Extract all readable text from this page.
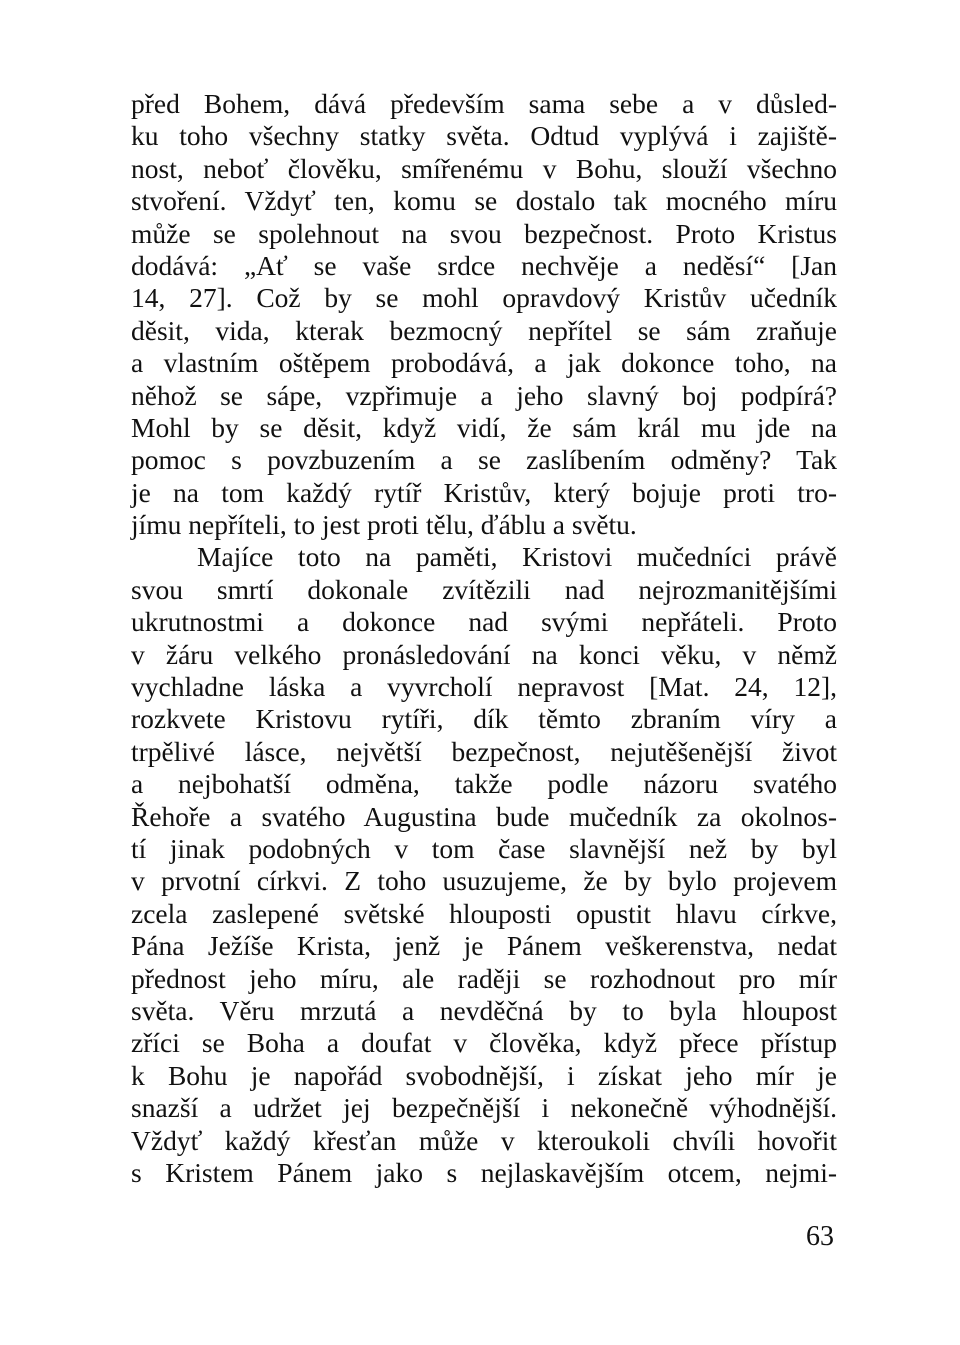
před Bohem, dává především sama sebe a v důsled-
ku toho všechny statky světa. Odtud vyplývá i zajiště-
nost, neboť člověku, smířenému v Bohu, slouží všechno
stvoření. Vždyť ten, komu se dostalo tak mocného míru
může se spolehnout na svou bezpečnost. Proto Kristus
dodává: „Ať se vaše srdce nechvěje a neděsí“ [Jan
14, 27]. Což by se mohl opravdový Kristův učedník
děsit, vida, kterak bezmocný nepřítel se sám zraňuje
a vlastním oštěpem probodává, a jak dokonce toho, na
něhož se sápe, vzpřimuje a jeho slavný boj podpírá?
Mohl by se děsit, když vidí, že sám král mu jde na
pomoc s povzbuzením a se zaslíbením odměny? Tak
je na tom každý rytíř Kristův, který bojuje proti tro-
jímu nepříteli, to jest proti tělu, ďáblu a světu.
Majíce toto na paměti, Kristovi mučedníci právě
svou smrtí dokonale zvítězili nad nejrozmanitějšími
ukrutnostmi a dokonce nad svými nepřáteli. Proto
v žáru velkého pronásledování na konci věku, v němž
vychladne láska a vyvrcholí nepravost [Mat. 24, 12],
rozkvete Kristovu rytíři, dík těmto zbraním víry a
trpělivé lásce, největší bezpečnost, nejutěšenější život
a nejbohatší odměna, takže podle názoru svatého
Řehoře a svatého Augustina bude mučedník za okolnos-
tí jinak podobných v tom čase slavnější než by byl
v prvotní církvi. Z toho usuzujeme, že by bylo projevem
zcela zaslepené světské hlouposti opustit hlavu církve,
Pána Ježíše Krista, jenž je Pánem veškerenstva, nedat
přednost jeho míru, ale raději se rozhodnout pro mír
světa. Věru mrzutá a nevděčná by to byla hloupost
zříci se Boha a doufat v člověka, když přece přístup
k Bohu je napořád svobodnější, i získat jeho mír je
snazší a udržet jej bezpečnější i nekonečně výhodnější.
Vždyť každý křesťan může v kteroukoli chvíli hovořit
s Kristem Pánem jako s nejlaskavějším otcem, nejmi-
63
